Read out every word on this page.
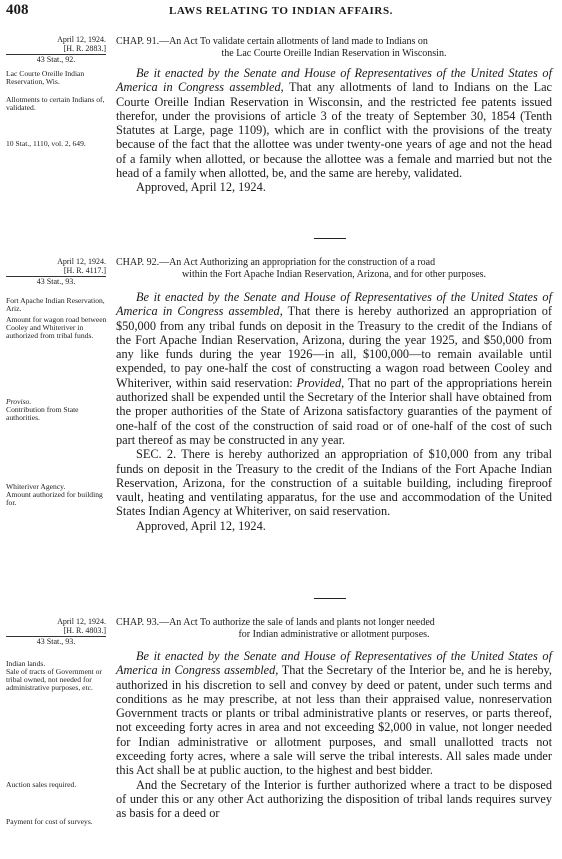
408	LAWS RELATING TO INDIAN AFFAIRS.
April 12, 1924.

[H. R. 2883.]
43 Stat., 92.
CHAP. 91.—An Act To validate certain allotments of land made to Indians on
the Lac Courte Oreille Indian Reservation in Wisconsin.
Lac Courte Oreille Indian Reservation, Wis.
Allotments to certain Indians of, validated.
10 Stat., 1110, vol. 2, 649.

Be it enacted by the Senate and House of Representatives of the United States of America in Congress assembled, That any allotments of land to Indians on the Lac Courte Oreille Indian Reservation in Wisconsin, and the restricted fee patents issued therefor, under the provisions of article 3 of the treaty of September 30, 1854 (Tenth Statutes at Large, page 1109), which are in conflict with the provisions of the treaty because of the fact that the allottee was under twenty-one years of age and not the head of a family when allotted, or because the allottee was a female and married but not the head of a family when allotted, be, and the same are hereby, validated.

Approved, April 12, 1924.

April 12, 1924.

[H. R. 4117.]
43 Stat., 93.
CHAP. 92.—An Act Authorizing an appropriation for the construction of a road
within the Fort Apache Indian Reservation, Arizona, and for other purposes.
Fort Apache Indian Reservation, Ariz.
Amount for wagon road between Cooley and Whiteriver in authorized from tribal funds.
Proviso.
Contribution from State authorities.
Whiteriver Agency.
Amount authorized for building for.

Be it enacted by the Senate and House of Representatives of the United States of America in Congress assembled, That there is hereby authorized an appropriation of $50,000 from any tribal funds on deposit in the Treasury to the credit of the Indians of the Fort Apache Indian Reservation, Arizona, during the year 1925, and $50,000 from any like funds during the year 1926—in all, $100,000—to remain available until expended, to pay one-half the cost of constructing a wagon road between Cooley and Whiteriver, within said reservation: Provided, That no part of the appropriations herein authorized shall be expended until the Secretary of the Interior shall have obtained from the proper authorities of the State of Arizona satisfactory guaranties of the payment of one-half of the cost of the construction of said road or of one-half of the cost of such part thereof as may be constructed in any year.

SEC. 2. There is hereby authorized an appropriation of $10,000 from any tribal funds on deposit in the Treasury to the credit of the Indians of the Fort Apache Indian Reservation, Arizona, for the construction of a suitable building, including fireproof vault, heating and ventilating apparatus, for the use and accommodation of the United States Indian Agency at Whiteriver, on said reservation.

Approved, April 12, 1924.

April 12, 1924.

[H. R. 4803.]
43 Stat., 93.
CHAP. 93.—An Act To authorize the sale of lands and plants not longer needed
for Indian administrative or allotment purposes.
Indian lands.
Sale of tracts of Government or tribal owned, not needed for administrative purposes, etc.
Auction sales required.
Payment for cost of surveys.

Be it enacted by the Senate and House of Representatives of the United States of America in Congress assembled, That the Secretary of the Interior be, and he is hereby, authorized in his discretion to sell and convey by deed or patent, under such terms and conditions as he may prescribe, at not less than their appraised value, nonreservation Government tracts or plants or tribal administrative plants or reserves, or parts thereof, not exceeding forty acres in area and not exceeding $2,000 in value, not longer needed for Indian administrative or allotment purposes, and small unallotted tracts not exceeding forty acres, where a sale will serve the tribal interests. All sales made under this Act shall be at public auction, to the highest and best bidder.

And the Secretary of the Interior is further authorized where a tract to be disposed of under this or any other Act authorizing the disposition of tribal lands requires survey as basis for a deed or
